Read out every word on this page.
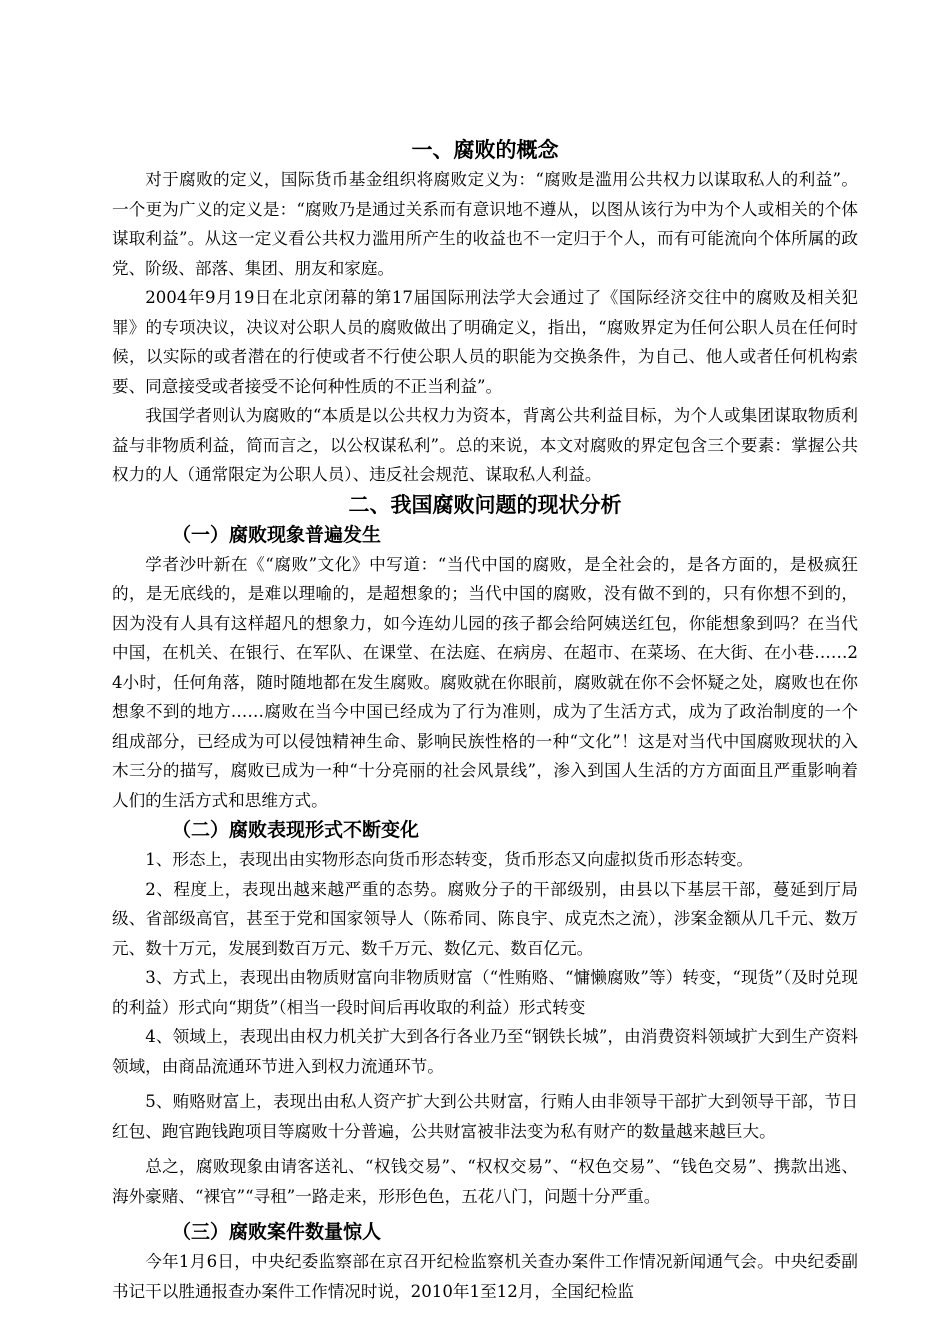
一、腐败的概念

对于腐败的定义，国际货币基金组织将腐败定义为：“腐败是滥用公共权力以谋取私人的利益”。一个更为广义的定义是：“腐败乃是通过关系而有意识地不遵从，以图从该行为中为个人或相关的个体谋取利益”。从这一定义看公共权力滥用所产生的收益也不一定归于个人，而有可能流向个体所属的政党、阶级、部落、集团、朋友和家庭。

2004年9月19日在北京闭幕的第17届国际刑法学大会通过了《国际经济交往中的腐败及相关犯罪》的专项决议，决议对公职人员的腐败做出了明确定义，指出，“腐败界定为任何公职人员在任何时候，以实际的或者潜在的行使或者不行使公职人员的职能为交换条件，为自己、他人或者任何机构索要、同意接受或者接受不论何种性质的不正当利益”。

我国学者则认为腐败的“本质是以公共权力为资本，背离公共利益目标，为个人或集团谋取物质利益与非物质利益，简而言之，以公权谋私利”。总的来说，本文对腐败的界定包含三个要素：掌握公共权力的人（通常限定为公职人员）、违反社会规范、谋取私人利益。

二、我国腐败问题的现状分析
（一）腐败现象普遍发生

学者沙叶新在《“腐败”文化》中写道：“当代中国的腐败，是全社会的，是各方面的，是极疯狂的，是无底线的，是难以理喻的，是超想象的；当代中国的腐败，没有做不到的，只有你想不到的，因为没有人具有这样超凡的想象力，如今连幼儿园的孩子都会给阿姨送红包，你能想象到吗？在当代中国，在机关、在银行、在军队、在课堂、在法庭、在病房、在超市、在菜场、在大街、在小巷……24小时，任何角落，随时随地都在发生腐败。腐败就在你眼前，腐败就在你不会怀疑之处，腐败也在你想象不到的地方……腐败在当今中国已经成为了行为准则，成为了生活方式，成为了政治制度的一个组成部分，已经成为可以侵蚀精神生命、影响民族性格的一种“文化”！这是对当代中国腐败现状的入木三分的描写，腐败已成为一种“十分亮丽的社会风景线”，渗入到国人生活的方方面面且严重影响着人们的生活方式和思维方式。

（二）腐败表现形式不断变化

1、形态上，表现出由实物形态向货币形态转变，货币形态又向虚拟货币形态转变。

2、程度上，表现出越来越严重的态势。腐败分子的干部级别，由县以下基层干部，蔓延到厅局级、省部级高官，甚至于党和国家领导人（陈希同、陈良宇、成克杰之流），涉案金额从几千元、数万元、数十万元，发展到数百万元、数千万元、数亿元、数百亿元。

3、方式上，表现出由物质财富向非物质财富（“性贿赂、“慵懒腐败”等）转变，“现货”（及时兑现的利益）形式向“期货”（相当一段时间后再收取的利益）形式转变

4、领域上，表现出由权力机关扩大到各行各业乃至“钢铁长城”，由消费资料领域扩大到生产资料领域，由商品流通环节进入到权力流通环节。

5、贿赂财富上，表现出由私人资产扩大到公共财富，行贿人由非领导干部扩大到领导干部，节日红包、跑官跑钱跑项目等腐败十分普遍，公共财富被非法变为私有财产的数量越来越巨大。

总之，腐败现象由请客送礼、“权钱交易”、“权权交易”、“权色交易”、“钱色交易”、携款出逃、海外豪赌、“裸官”“寻租”一路走来，形形色色，五花八门，问题十分严重。

（三）腐败案件数量惊人

今年1月6日，中央纪委监察部在京召开纪检监察机关查办案件工作情况新闻通气会。中央纪委副书记干以胜通报查办案件工作情况时说，2010年1至12月，全国纪检监
